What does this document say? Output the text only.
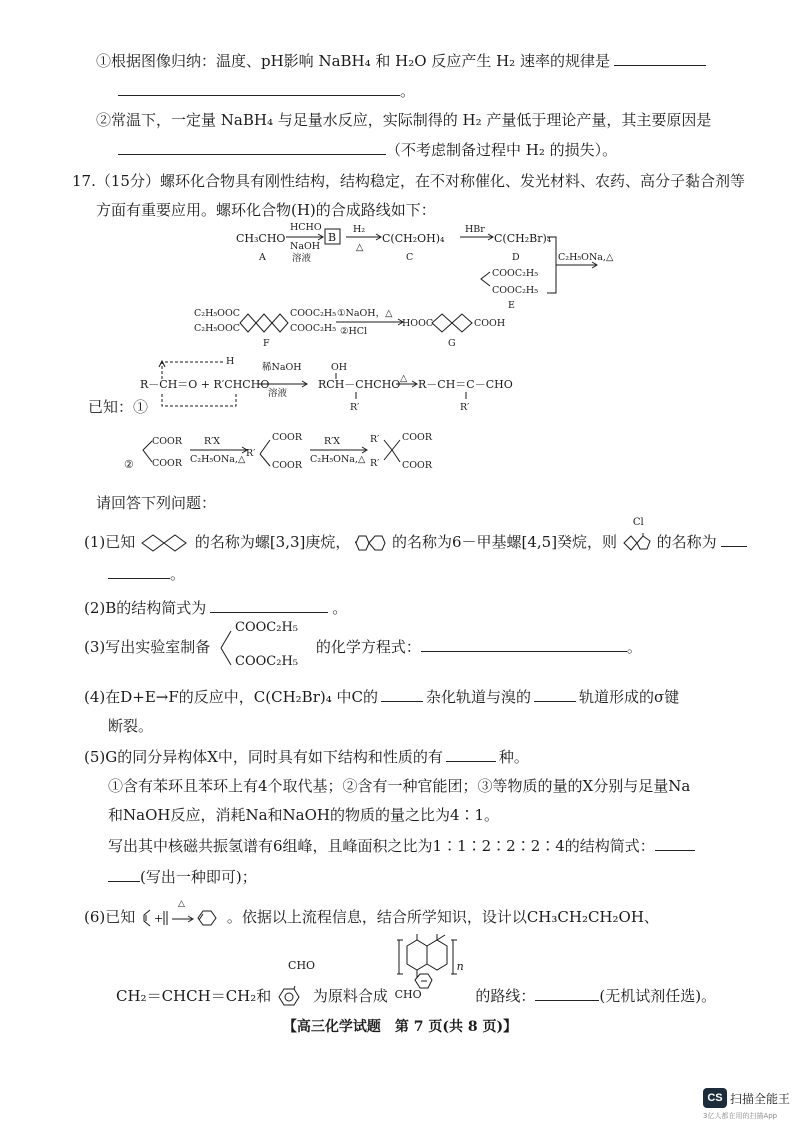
①根据图像归纳：温度、pH影响 NaBH₄ 和 H₂O 反应产生 H₂ 速率的规律是
。
②常温下，一定量 NaBH₄ 与足量水反应，实际制得的 H₂ 产量低于理论产量，其主要原因是
（不考虑制备过程中 H₂ 的损失）。
17.（15分）螺环化合物具有刚性结构，结构稳定，在不对称催化、发光材料、农药、高分子黏合剂等
方面有重要应用。螺环化合物(H)的合成路线如下：
CH₃CHO
A
HCHO
NaOH
溶液
B
H₂
△
C(CH₂OH)₄
C
HBr
C(CH₂Br)₄
D
COOC₂H₅
COOC₂H₅
E
C₂H₅ONa,△
C₂H₅OOC
C₂H₅OOC
COOC₂H₅
COOC₂H₅
F
①NaOH，△
②HCl
HOOC	COOH
G
R－CH＝O + R′CHCHO
H
稀NaOH
溶液
OH
RCH－CHCHO
R′
△ R－CH＝C－CHO
R′
已知：①
②
COOR
COOR
R′X
C₂H₅ONa,△
R′
COOR
COOR
R′X
C₂H₅ONa,△
R′
R′
COOR
COOR
请回答下列问题：
(1)已知	的名称为螺[3,3]庚烷，	的名称为6－甲基螺[4,5]癸烷，则
Cl
的名称为
。
(2)B的结构简式为	。
(3)写出实验室制备
COOC₂H₅
COOC₂H₅
的化学方程式：	。
(4)在D+E→F的反应中，C(CH₂Br)₄ 中C的	杂化轨道与溴的	轨道形成的σ键
断裂。
(5)G的同分异构体X中，同时具有如下结构和性质的有	种。
①含有苯环且苯环上有4个取代基；②含有一种官能团；③等物质的量的X分别与足量Na
和NaOH反应，消耗Na和NaOH的物质的量之比为4∶1。
写出其中核磁共振氢谱有6组峰，且峰面积之比为1∶1∶2∶2∶2∶4的结构简式：
(写出一种即可)；
(6)已知 +
△
。依据以上流程信息，结合所学知识，设计以CH₃CH₂CH₂OH、
CH₂＝CHCH＝CH₂和
CHO
为原料合成
n
CHO	的路线：	(无机试剂任选)。
【高三化学试题　第 7 页(共 8 页)】
CS 扫描全能王
3亿人都在用的扫描App
